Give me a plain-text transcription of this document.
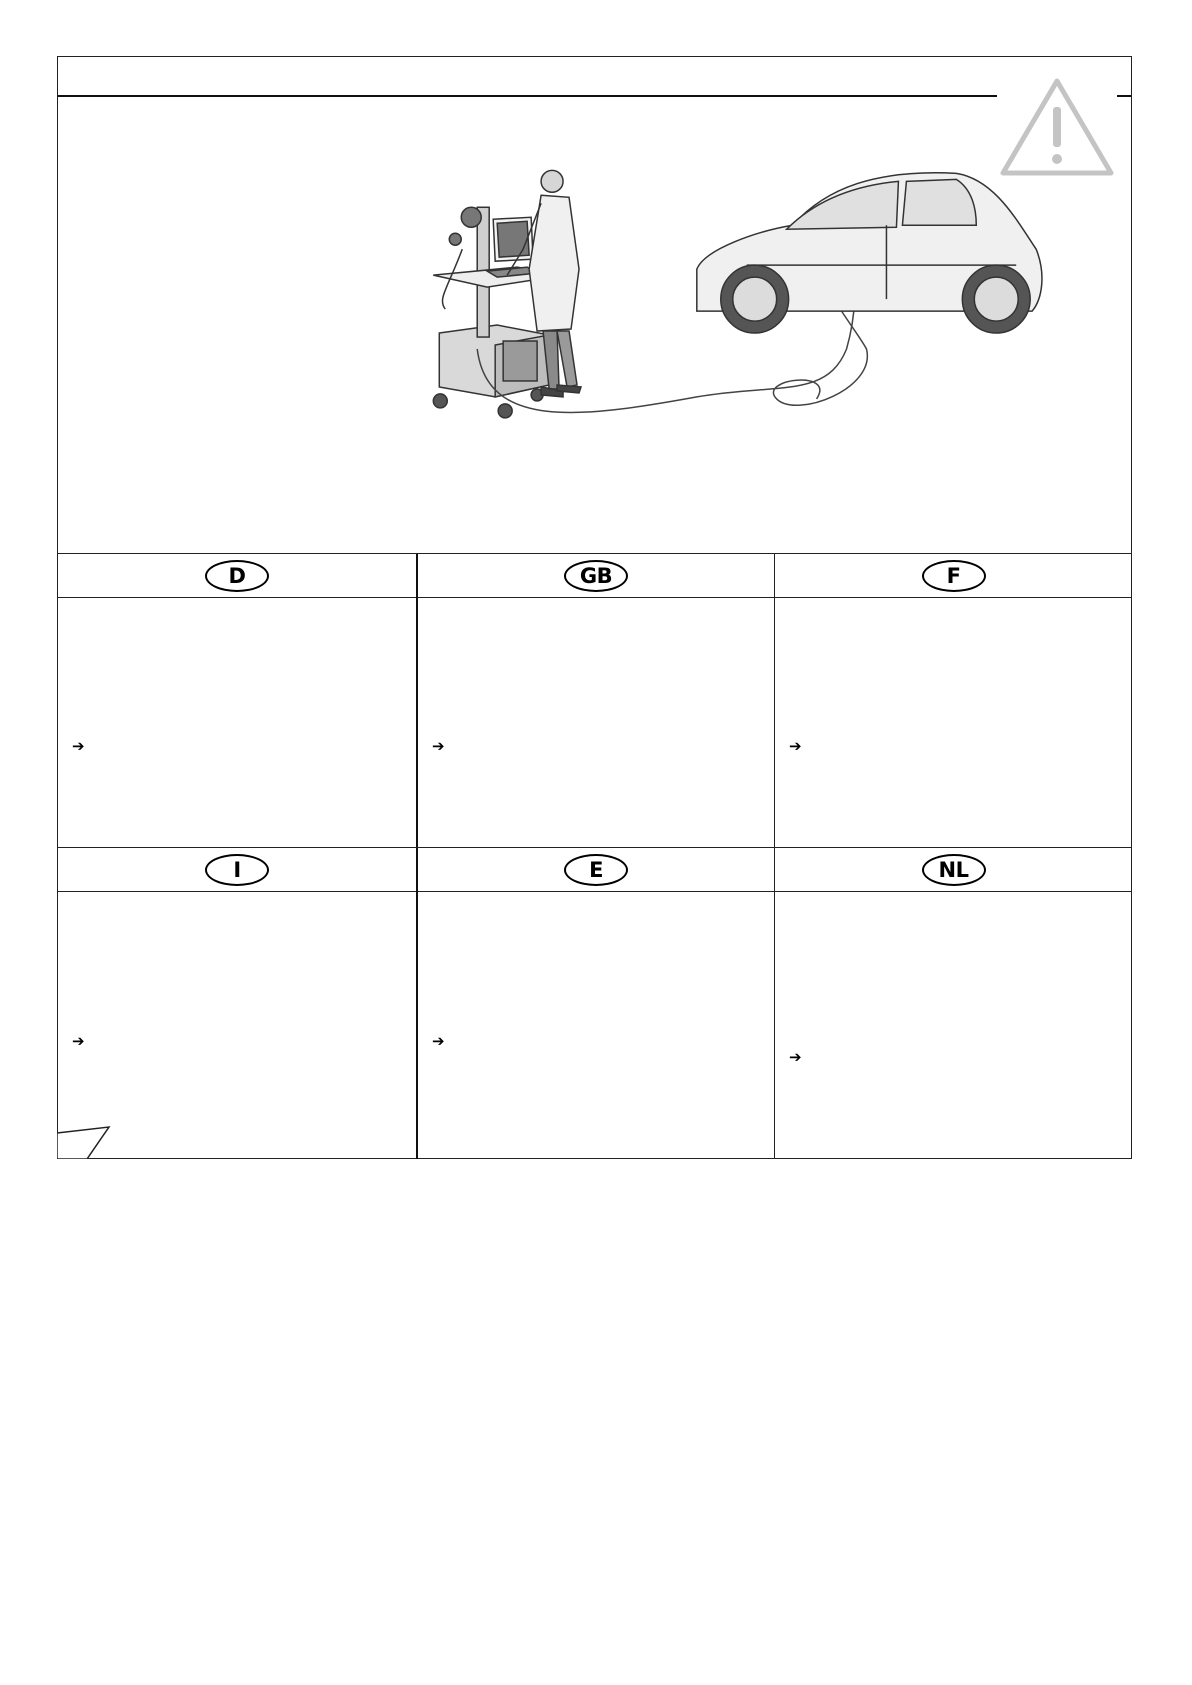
D
➔
GB
➔
F
➔
I
➔
E
➔
NL
➔
